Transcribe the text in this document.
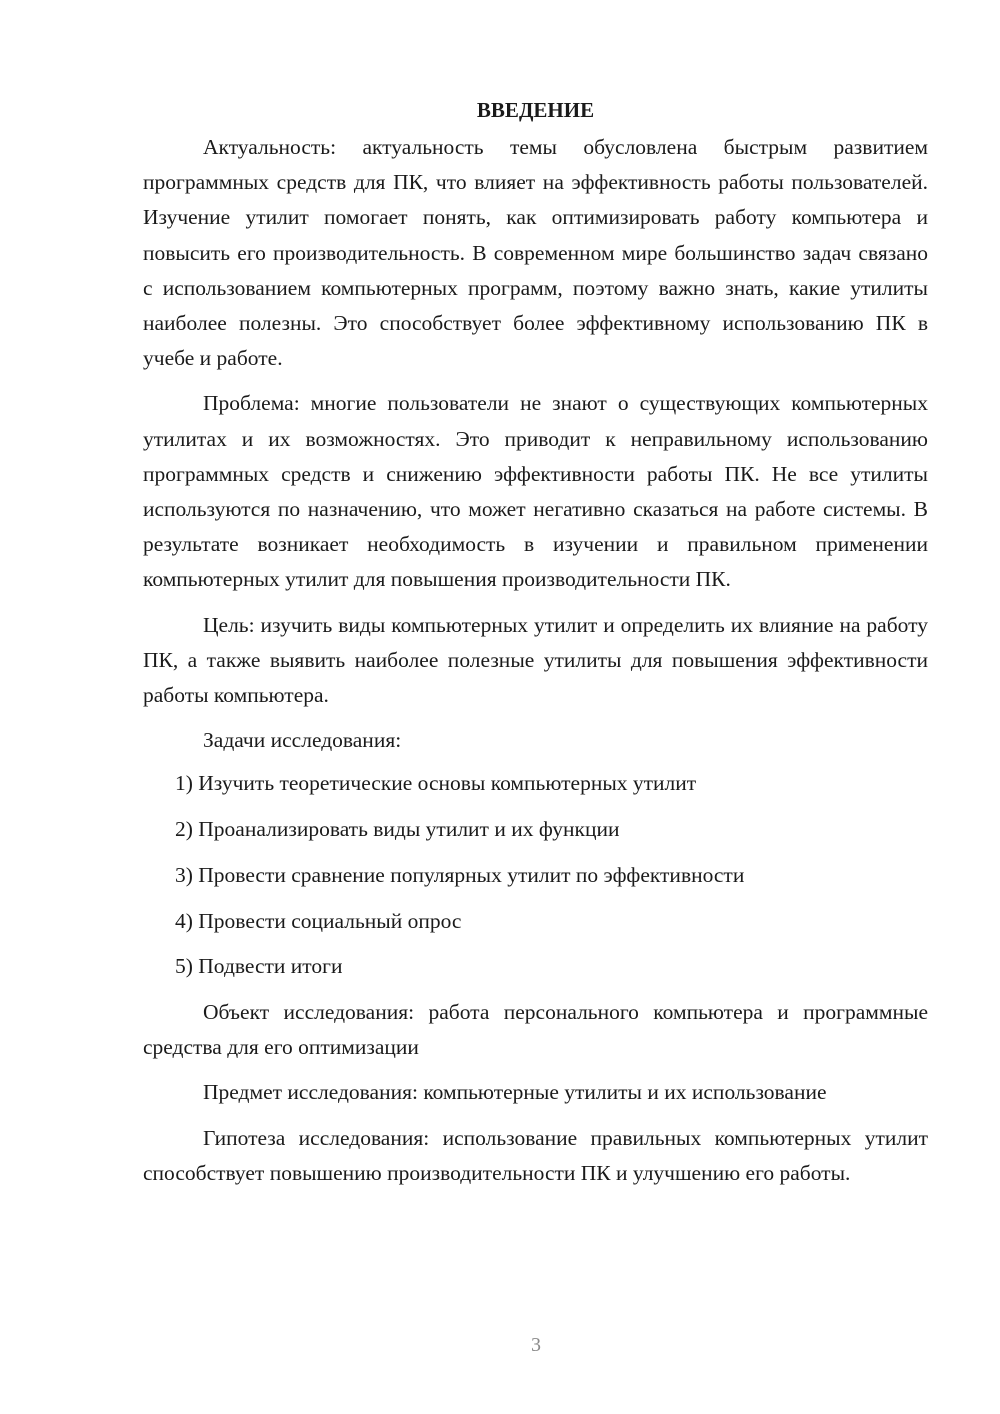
ВВЕДЕНИЕ

Актуальность: актуальность темы обусловлена быстрым развитием программных средств для ПК, что влияет на эффективность работы пользователей. Изучение утилит помогает понять, как оптимизировать работу компьютера и повысить его производительность. В современном мире большинство задач связано с использованием компьютерных программ, поэтому важно знать, какие утилиты наиболее полезны. Это способствует более эффективному использованию ПК в учебе и работе.

Проблема: многие пользователи не знают о существующих компьютерных утилитах и их возможностях. Это приводит к неправильному использованию программных средств и снижению эффективности работы ПК. Не все утилиты используются по назначению, что может негативно сказаться на работе системы. В результате возникает необходимость в изучении и правильном применении компьютерных утилит для повышения производительности ПК.

Цель: изучить виды компьютерных утилит и определить их влияние на работу ПК, а также выявить наиболее полезные утилиты для повышения эффективности работы компьютера.

Задачи исследования:

1) Изучить теоретические основы компьютерных утилит
2) Проанализировать виды утилит и их функции
3) Провести сравнение популярных утилит по эффективности
4) Провести социальный опрос
5) Подвести итоги

Объект исследования: работа персонального компьютера и программные средства для его оптимизации

Предмет исследования: компьютерные утилиты и их использование

Гипотеза исследования: использование правильных компьютерных утилит способствует повышению производительности ПК и улучшению его работы.

3
